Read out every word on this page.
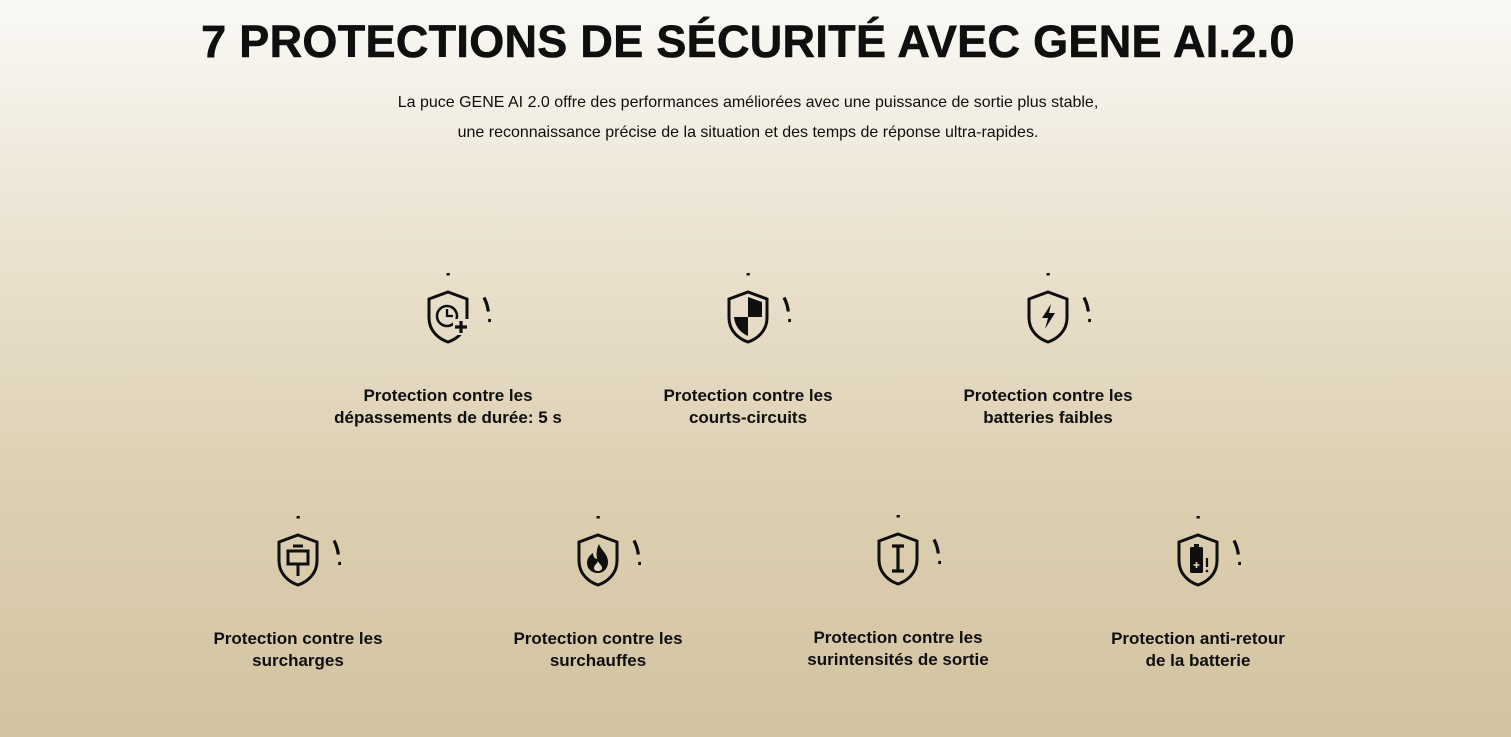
7 PROTECTIONS DE SÉCURITÉ AVEC GENE AI.2.0

La puce GENE AI 2.0 offre des performances améliorées avec une puissance de sortie plus stable,
une reconnaissance précise de la situation et des temps de réponse ultra-rapides.

Protection contre les
dépassements de durée: 5 s
Protection contre les
courts-circuits
Protection contre les
batteries faibles
Protection contre les
surcharges
Protection contre les
surchauffes
Protection contre les
surintensités de sortie
Protection anti-retour
de la batterie
